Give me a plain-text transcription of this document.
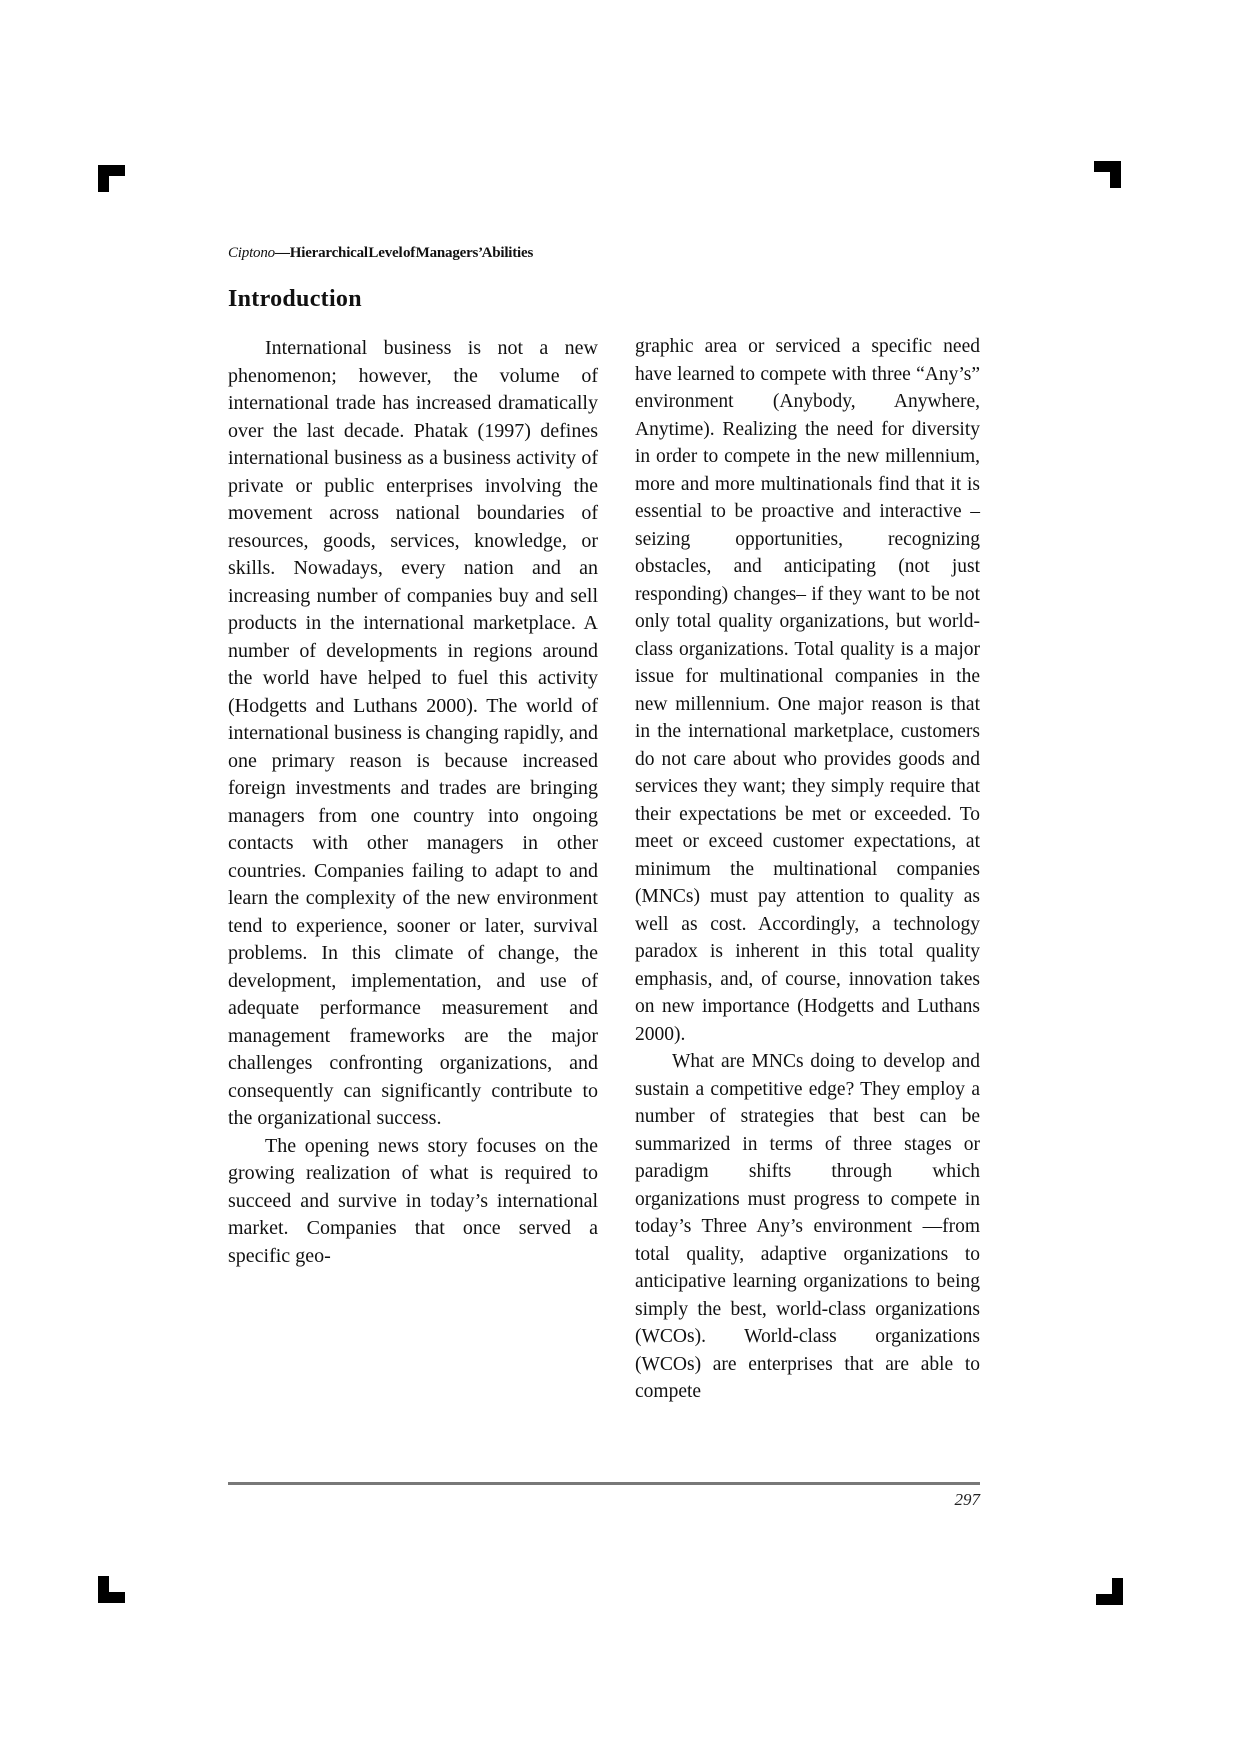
Ciptono—Hierarchical Level of Managers’ Abilities
Introduction

International business is not a new phenomenon; however, the volume of international trade has increased dramatically over the last decade. Phatak (1997) defines international business as a business activity of private or public enterprises involving the movement across national boundaries of resources, goods, services, knowledge, or skills. Nowadays, every nation and an increasing number of companies buy and sell products in the international marketplace. A number of developments in regions around the world have helped to fuel this activity (Hodgetts and Luthans 2000). The world of international business is changing rapidly, and one primary reason is because increased foreign investments and trades are bringing managers from one country into ongoing contacts with other managers in other countries. Companies failing to adapt to and learn the complexity of the new environment tend to experience, sooner or later, survival problems. In this climate of change, the development, implementation, and use of adequate performance measurement and management frameworks are the major challenges confronting organizations, and consequently can significantly contribute to the organizational success.

The opening news story focuses on the growing realization of what is required to succeed and survive in today’s international market. Companies that once served a specific geo-

graphic area or serviced a specific need have learned to compete with three “Any’s” environment (Anybody, Anywhere, Anytime). Realizing the need for diversity in order to compete in the new millennium, more and more multinationals find that it is essential to be proactive and interactive –seizing opportunities, recognizing obstacles, and anticipating (not just responding) changes– if they want to be not only total quality organizations, but world-class organizations. Total quality is a major issue for multinational companies in the new millennium. One major reason is that in the international marketplace, customers do not care about who provides goods and services they want; they simply require that their expectations be met or exceeded. To meet or exceed customer expectations, at minimum the multinational companies (MNCs) must pay attention to quality as well as cost. Accordingly, a technology paradox is inherent in this total quality emphasis, and, of course, innovation takes on new importance (Hodgetts and Luthans 2000).

What are MNCs doing to develop and sustain a competitive edge? They employ a number of strategies that best can be summarized in terms of three stages or paradigm shifts through which organizations must progress to compete in today’s Three Any’s environment —from total quality, adaptive organizations to anticipative learning organizations to being simply the best, world-class organizations (WCOs). World-class organizations (WCOs) are enterprises that are able to compete

297
